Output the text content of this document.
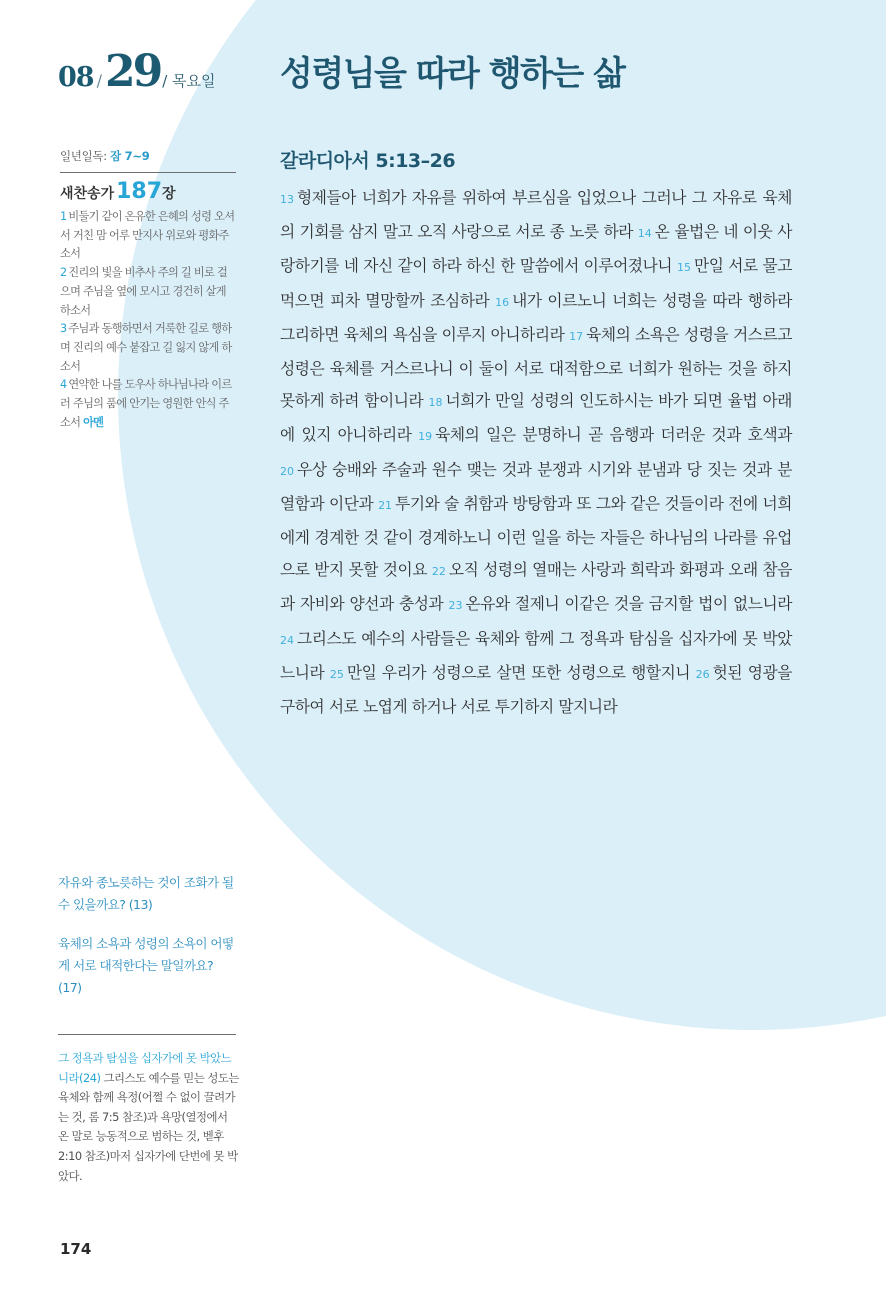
08 / 29 / 목요일 성령님을 따라 행하는 삶

일년일독: 잠 7~9

새찬송가 187 장
1 비둘기 같이 온유한 은혜의 성령 오셔서 거친 맘 어루 만지사 위로와 평화주소서
2 진리의 빛을 비추사 주의 길 비로 걸으며 주님을 옆에 모시고 경건히 살게 하소서
3 주님과 동행하면서 거룩한 길로 행하며 진리의 예수 붙잡고 길 잃지 않게 하소서
4 연약한 나를 도우사 하나님나라 이르러 주님의 품에 안기는 영원한 안식 주소서 아멘

자유와 종노릇하는 것이 조화가 될 수 있을까요? (13)

육체의 소욕과 성령의 소욕이 어떻게 서로 대적한다는 말일까요? (17)

그 정욕과 탐심을 십자가에 못 박았느니라(24) 그리스도 예수를 믿는 성도는 육체와 함께 욕정(어쩔 수 없이 끌려가는 것, 롬 7:5 참조)과 욕망(열정에서 온 말로 능동적으로 범하는 것, 벧후 2:10 참조)마저 십자가에 단번에 못 박았다.
174
갈라디아서 5:13–26
13 형제들아 너희가 자유를 위하여 부르심을 입었으나 그러나 그 자유로 육체의 기회를 삼지 말고 오직 사랑으로 서로 종 노릇 하라 14 온 율법은 네 이웃 사랑하기를 네 자신 같이 하라 하신 한 말씀에서 이루어졌나니 15 만일 서로 물고 먹으면 피차 멸망할까 조심하라 16 내가 이르노니 너희는 성령을 따라 행하라 그리하면 육체의 욕심을 이루지 아니하리라 17 육체의 소욕은 성령을 거스르고 성령은 육체를 거스르나니 이 둘이 서로 대적함으로 너희가 원하는 것을 하지 못하게 하려 함이니라 18 너희가 만일 성령의 인도하시는 바가 되면 율법 아래에 있지 아니하리라 19 육체의 일은 분명하니 곧 음행과 더러운 것과 호색과 20 우상 숭배와 주술과 원수 맺는 것과 분쟁과 시기와 분냄과 당 짓는 것과 분열함과 이단과 21 투기와 술 취함과 방탕함과 또 그와 같은 것들이라 전에 너희에게 경계한 것 같이 경계하노니 이런 일을 하는 자들은 하나님의 나라를 유업으로 받지 못할 것이요 22 오직 성령의 열매는 사랑과 희락과 화평과 오래 참음과 자비와 양선과 충성과 23 온유와 절제니 이같은 것을 금지할 법이 없느니라 24 그리스도 예수의 사람들은 육체와 함께 그 정욕과 탐심을 십자가에 못 박았느니라 25 만일 우리가 성령으로 살면 또한 성령으로 행할지니 26 헛된 영광을 구하여 서로 노엽게 하거나 서로 투기하지 말지니라
